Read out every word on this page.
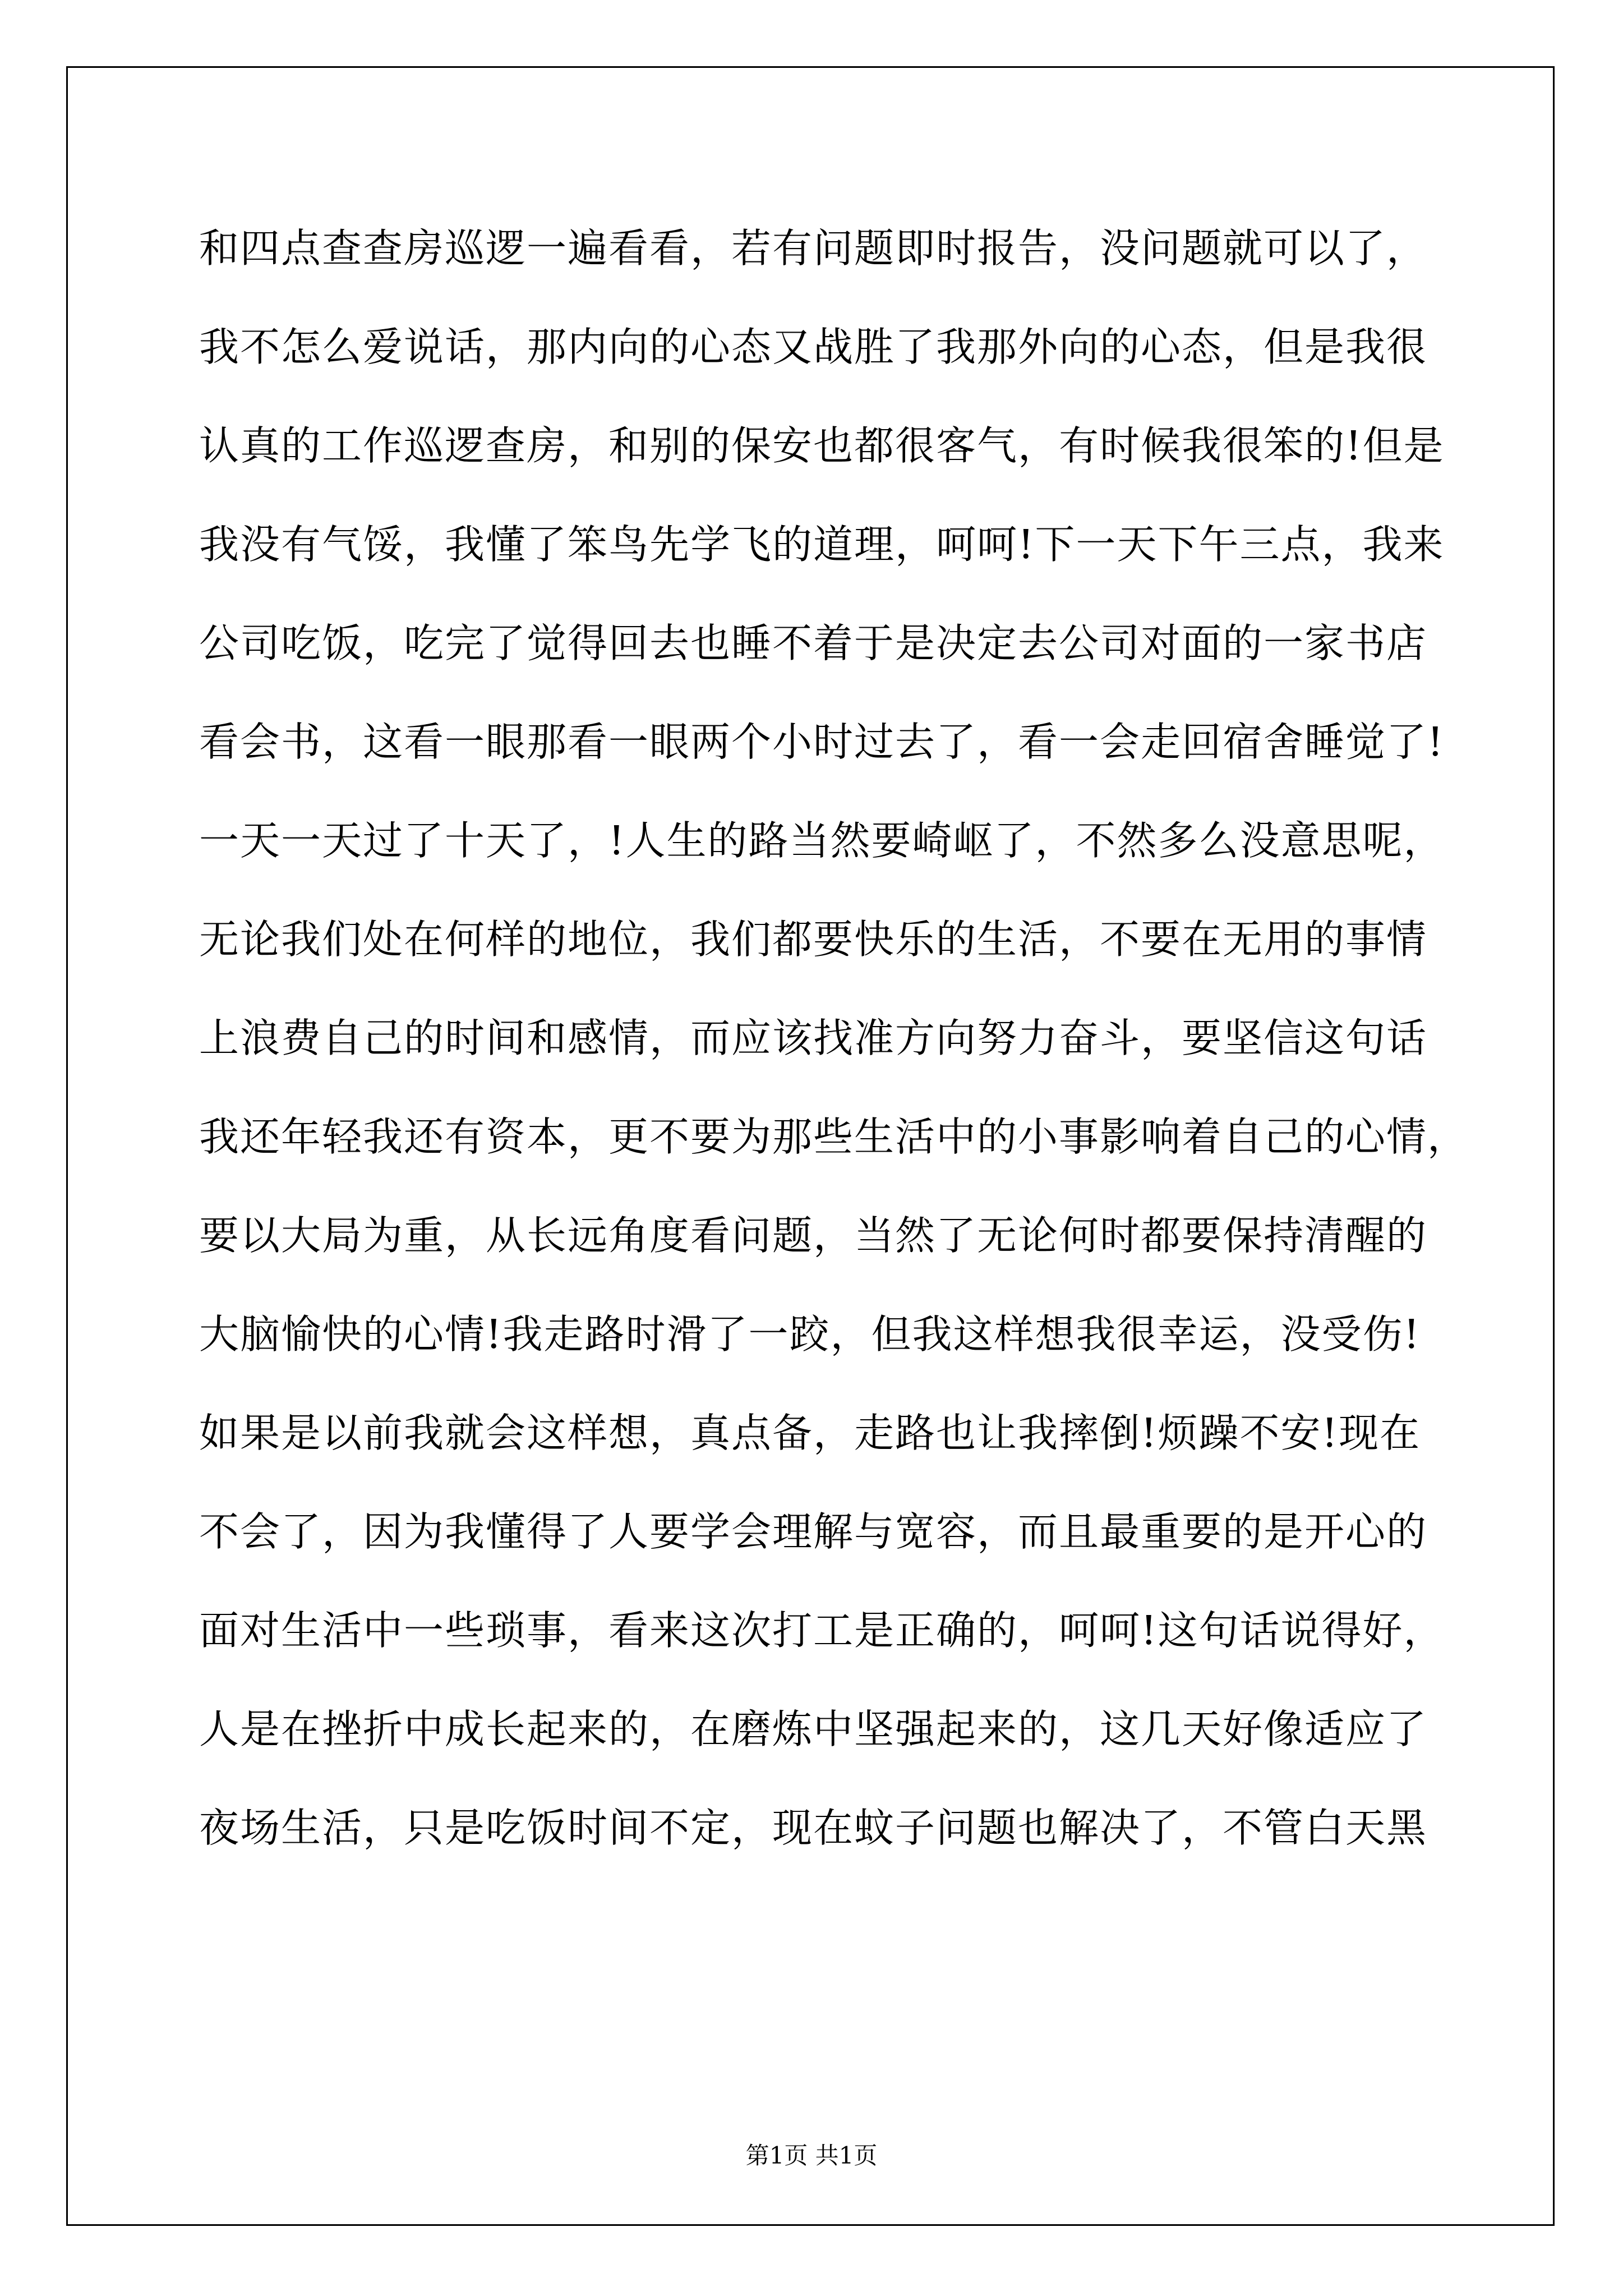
和四点查查房巡逻一遍看看，若有问题即时报告，没问题就可以了，
我不怎么爱说话，那内向的心态又战胜了我那外向的心态，但是我很
认真的工作巡逻查房，和别的保安也都很客气，有时候我很笨的!但是
我没有气馁，我懂了笨鸟先学飞的道理，呵呵!下一天下午三点，我来
公司吃饭，吃完了觉得回去也睡不着于是决定去公司对面的一家书店
看会书，这看一眼那看一眼两个小时过去了，看一会走回宿舍睡觉了!
一天一天过了十天了，!人生的路当然要崎岖了，不然多么没意思呢，
无论我们处在何样的地位，我们都要快乐的生活，不要在无用的事情
上浪费自己的时间和感情，而应该找准方向努力奋斗，要坚信这句话
我还年轻我还有资本，更不要为那些生活中的小事影响着自己的心情，
要以大局为重，从长远角度看问题，当然了无论何时都要保持清醒的
大脑愉快的心情!我走路时滑了一跤，但我这样想我很幸运，没受伤!
如果是以前我就会这样想，真点备，走路也让我摔倒!烦躁不安!现在
不会了，因为我懂得了人要学会理解与宽容，而且最重要的是开心的
面对生活中一些琐事，看来这次打工是正确的，呵呵!这句话说得好，
人是在挫折中成长起来的，在磨炼中坚强起来的，这几天好像适应了
夜场生活，只是吃饭时间不定，现在蚊子问题也解决了，不管白天黑
第1页 共1页
